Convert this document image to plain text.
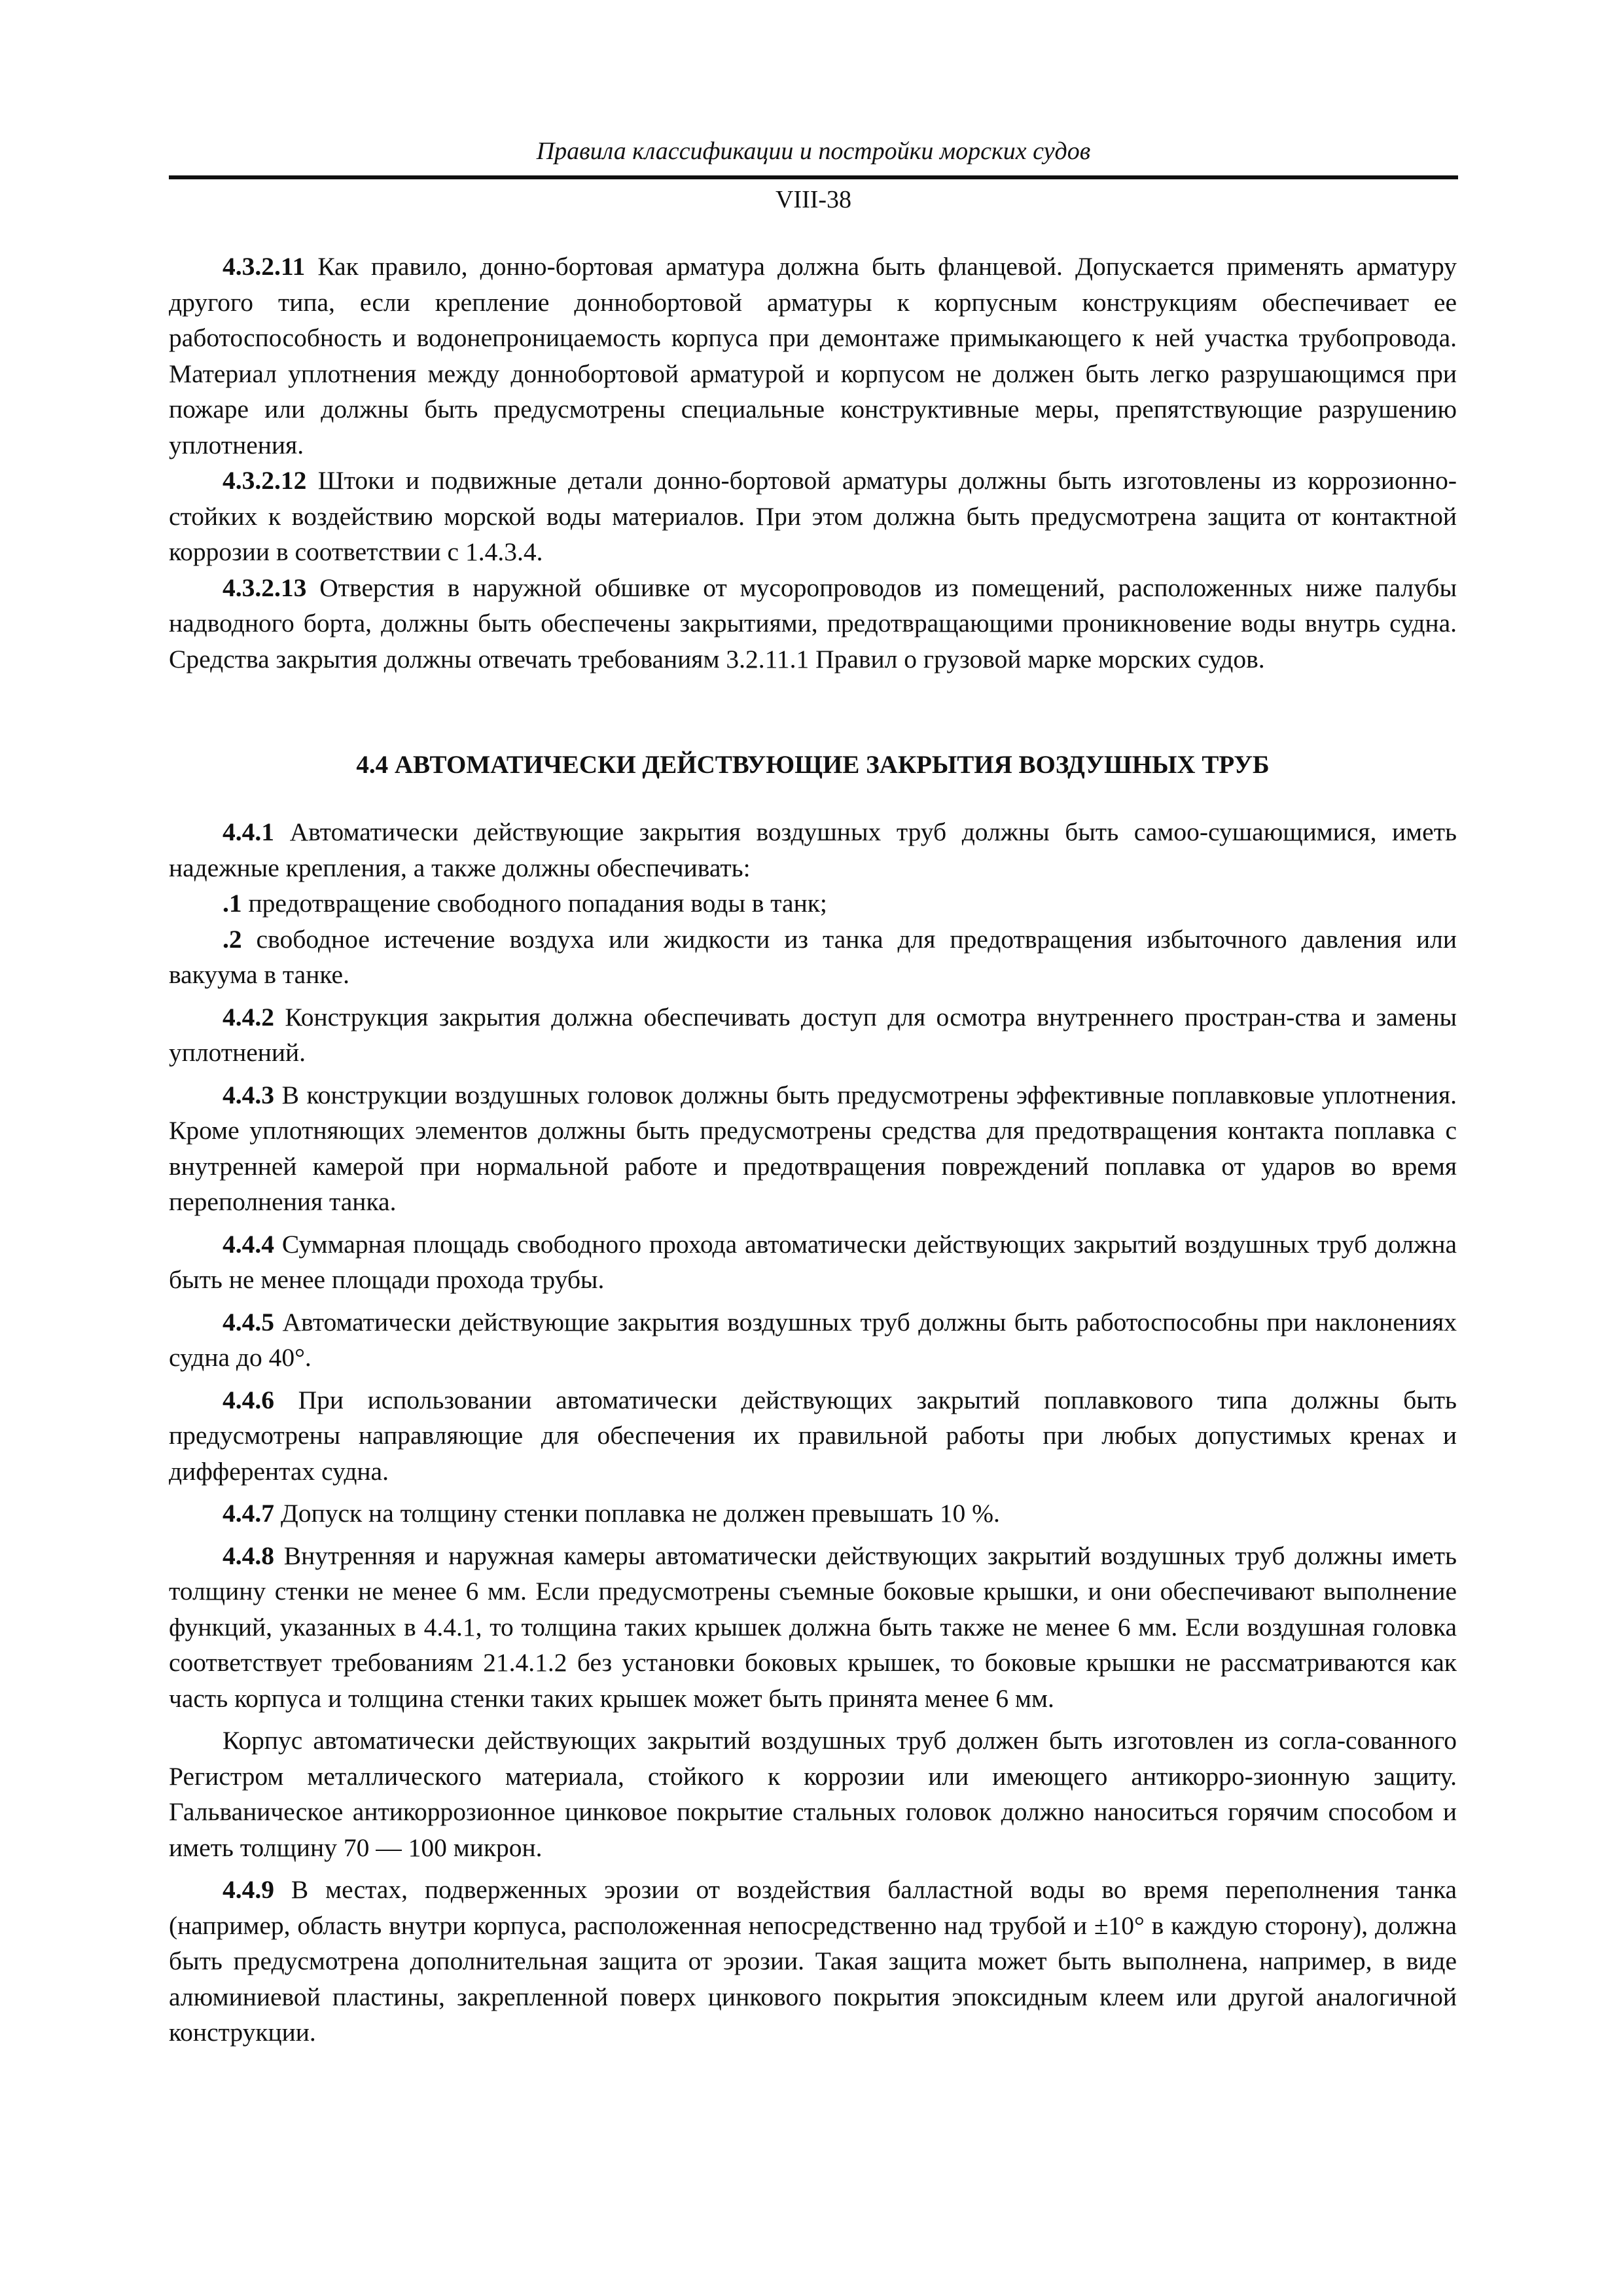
Правила классификации и постройки морских судов
VIII-38

4.3.2.11 Как правило, донно-бортовая арматура должна быть фланцевой. Допускается применять арматуру другого типа, если крепление доннобортовой арматуры к корпусным конструкциям обеспечивает ее работоспособность и водонепроницаемость корпуса при демонтаже примыкающего к ней участка трубопровода. Материал уплотнения между доннобортовой арматурой и корпусом не должен быть легко разрушающимся при пожаре или должны быть предусмотрены специальные конструктивные меры, препятствующие разрушению уплотнения.

4.3.2.12 Штоки и подвижные детали донно-бортовой арматуры должны быть изготовлены из коррозионно-стойких к воздействию морской воды материалов. При этом должна быть предусмотрена защита от контактной коррозии в соответствии с 1.4.3.4.

4.3.2.13 Отверстия в наружной обшивке от мусоропроводов из помещений, расположенных ниже палубы надводного борта, должны быть обеспечены закрытиями, предотвращающими проникновение воды внутрь судна. Средства закрытия должны отвечать требованиям 3.2.11.1 Правил о грузовой марке морских судов.

4.4 АВТОМАТИЧЕСКИ ДЕЙСТВУЮЩИЕ ЗАКРЫТИЯ ВОЗДУШНЫХ ТРУБ

4.4.1 Автоматически действующие закрытия воздушных труб должны быть самоо-сушающимися, иметь надежные крепления, а также должны обеспечивать:

.1 предотвращение свободного попадания воды в танк;

.2 свободное истечение воздуха или жидкости из танка для предотвращения избыточного давления или вакуума в танке.

4.4.2 Конструкция закрытия должна обеспечивать доступ для осмотра внутреннего простран-ства и замены уплотнений.

4.4.3 В конструкции воздушных головок должны быть предусмотрены эффективные поплавковые уплотнения. Кроме уплотняющих элементов должны быть предусмотрены средства для предотвращения контакта поплавка с внутренней камерой при нормальной работе и предотвращения повреждений поплавка от ударов во время переполнения танка.

4.4.4 Суммарная площадь свободного прохода автоматически действующих закрытий воздушных труб должна быть не менее площади прохода трубы.

4.4.5 Автоматически действующие закрытия воздушных труб должны быть работоспособны при наклонениях судна до 40°.

4.4.6 При использовании автоматически действующих закрытий поплавкового типа должны быть предусмотрены направляющие для обеспечения их правильной работы при любых допустимых кренах и дифферентах судна.

4.4.7 Допуск на толщину стенки поплавка не должен превышать 10 %.

4.4.8 Внутренняя и наружная камеры автоматически действующих закрытий воздушных труб должны иметь толщину стенки не менее 6 мм. Если предусмотрены съемные боковые крышки, и они обеспечивают выполнение функций, указанных в 4.4.1, то толщина таких крышек должна быть также не менее 6 мм. Если воздушная головка соответствует требованиям 21.4.1.2 без установки боковых крышек, то боковые крышки не рассматриваются как часть корпуса и толщина стенки таких крышек может быть принята менее 6 мм.

Корпус автоматически действующих закрытий воздушных труб должен быть изготовлен из согла-сованного Регистром металлического материала, стойкого к коррозии или имеющего антикорро-зионную защиту. Гальваническое антикоррозионное цинковое покрытие стальных головок должно наноситься горячим способом и иметь толщину 70 — 100 микрон.

4.4.9 В местах, подверженных эрозии от воздействия балластной воды во время переполнения танка (например, область внутри корпуса, расположенная непосредственно над трубой и ±10° в каждую сторону), должна быть предусмотрена дополнительная защита от эрозии. Такая защита может быть выполнена, например, в виде алюминиевой пластины, закрепленной поверх цинкового покрытия эпоксидным клеем или другой аналогичной конструкции.
